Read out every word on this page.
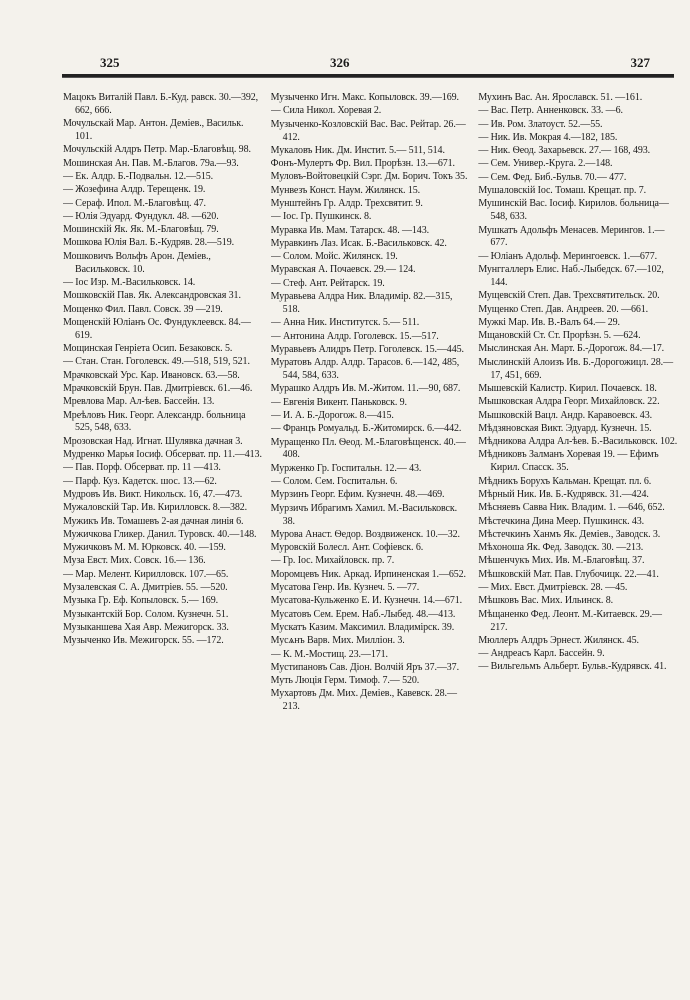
325	326	327
Мацокъ Виталій Павл. Б.-Куд. равск. 30.—392, 662, 666.
Мочульскай Мар. Антон. Деміев., Васильк. 101.
Мочульскій Алдръ Петр. Мар.-Благовѣщ. 98.
Мошинская Ан. Пав. М.-Благов. 79а.—93.
— Ек. Алдр. Б.-Подвальн. 12.—515.
— Жозефина Алдр. Терещенк. 19.
— Сераф. Ипол. М.-Благовѣщ. 47.
— Юлія Эдуард. Фундукл. 48. —620.
Мошинскій Як. Як. М.-Благовѣщ. 79.
Мошкова Юлія Вал. Б.-Кудряв. 28.—519.
Мошковичъ Вольфъ Арон. Деміев., Васильковск. 10.
— Іос Изр. М.-Васильковск. 14.
Мошковскій Пав. Як. Александровская 31.
Мощенко Фил. Павл. Совск. 39 —219.
Мощенскій Юліанъ Ос. Фундуклеевск. 84.—619.
Мощинская Генріета Осип. Безаковск. 5.
— Стан. Стан. Гоголевск. 49.—518, 519, 521.
Мрачковскай Урс. Кар. Ивановск. 63.—58.
Мрачковскій Брун. Пав. Дмитріевск. 61.—46.
Мревлова Мар. Ал-ѣев. Бассейн. 13.
Мреѣловъ Ник. Георг. Александр. больница 525, 548, 633.
Мрозовская Над. Игнат. Шулявка дачная 3.
Мудренко Марья Іосиф. Обсерват. пр. 11.—413.
— Пав. Порф. Обсерват. пр. 11 —413.
— Парф. Куз. Кадетск. шос. 13.—62.
Мудровъ Ив. Викт. Никольск. 16, 47.—473.
Мужаловскій Тар. Ив. Кирилловск. 8.—382.
Мужикъ Ив. Томашевъ 2-ая дачная линія 6.
Мужичкова Гликер. Данил. Туровск. 40.—148.
Мужичковъ М. М. Юрковск. 40. —159.
Муза Евст. Мих. Совск. 16.— 136.
— Мар. Мелент. Кирилловск. 107.—65.
Музалевская С. А. Дмитріев. 55. —520.
Музыка Гр. Еф. Копыловск. 5.— 169.
Музыкантскій Бор. Солом. Кузнечн. 51.
Музыканшева Хая Авр. Межигорск. 33.
Музыченко Ив. Межигорск. 55. —172.
Музыченко Игн. Макс. Копыловск. 39.—169.
— Сила Никол. Хоревая 2.
Музыченко-Козловскій Вас. Вас. Рейтар. 26.—412.
Мукаловъ Ник. Дм. Инстит. 5.— 511, 514.
Фонъ-Мулертъ Фр. Вил. Прорѣзн. 13.—671.
Муловъ-Войтовецкій Сэрг. Дм. Борич. Токъ 35.
Мунвезъ Конст. Наум. Жилянск. 15.
Мунштейнъ Гр. Алдр. Трехсвятит. 9.
— Іос. Гр. Пушкинск. 8.
Муравка Ив. Мам. Татарск. 48. —143.
Муравкинъ Лаз. Исак. Б.-Васильковск. 42.
— Солом. Мойс. Жилянск. 19.
Муравская А. Почаевск. 29.— 124.
— Стеф. Ант. Рейтарск. 19.
Муравьева Алдра Ник. Владимір. 82.—315, 518.
— Анна Ник. Институтск. 5.— 511.
— Антонина Алдр. Гоголевск. 15.—517.
Муравьевъ Алидръ Петр. Гоголевск. 15.—445.
Муратовъ Алдр. Алдр. Тарасов. 6.—142, 485, 544, 584, 633.
Мурашко Алдръ Ив. М.-Житом. 11.—90, 687.
— Евгенія Викент. Паньковск. 9.
— И. А. Б.-Дорогож. 8.—415.
— Францъ Ромуальд. Б.-Житомирск. 6.—442.
Муращенко Пл. Ѳеод. М.-Благовѣщенск. 40.—408.
Мурженко Гр. Госпитальн. 12.— 43.
— Солом. Сем. Госпитальн. 6.
Мурзинъ Георг. Ефим. Кузнечн. 48.—469.
Мурзичъ Ибрагимъ Хамил. М.-Васильковск. 38.
Мурова Анаст. Ѳедор. Воздвиженск. 10.—32.
Муровскій Болесл. Ант. Софіевск. 6.
— Гр. Іос. Михайловск. пр. 7.
Моромцевъ Ник. Аркад. Ирпиненская 1.—652.
Мусатова Генр. Ив. Кузнеч. 5. —77.
Мусатова-Кульженко Е. И. Кузнечн. 14.—671.
Мусатовъ Сем. Ерем. Наб.-Лыбед. 48.—413.
Мускатъ Казим. Максимил. Владимірск. 39.
Мусѧнъ Варв. Мих. Милліон. 3.
— К. М.-Мостищ. 23.—171.
Мустипановъ Сав. Діон. Волчій Яръ 37.—37.
Муть Люція Герм. Тимоф. 7.— 520.
Мухартовъ Дм. Мих. Деміев., Кавевск. 28.—213.
Мухинъ Вас. Ан. Ярославск. 51. —161.
— Вас. Петр. Анненковск. 33. —6.
— Ив. Ром. Златоуст. 52.—55.
— Ник. Ив. Мокрая 4.—182, 185.
— Ник. Ѳеод. Захарьевск. 27.— 168, 493.
— Сем. Универ.-Круга. 2.—148.
— Сем. Фед. Биб.-Бульв. 70.— 477.
Мушаловскій Іос. Томаш. Крещат. пр. 7.
Мушинскій Вас. Іосиф. Кирилов. больница—548, 633.
Мушкатъ Адольфъ Менасев. Мерингов. 1.—677.
— Юліанъ Адольф. Мерингоевск. 1.—677.
Мунггаллеръ Елис. Наб.-Лыбедск. 67.—102, 144.
Мущевскій Степ. Дав. Трехсвятительск. 20.
Мущенко Степ. Дав. Андреев. 20. —661.
Мужкi Мар. Ив. В.-Валъ 64.— 29.
Мщановскій Ст. Ст. Прорѣзн. 5. —624.
Мыслинская Ан. Март. Б.-Дорогож. 84.—17.
Мыслинскій Алоизъ Ив. Б.-Дорогожицл. 28.—17, 451, 669.
Мышевскій Калистр. Кирил. Почаевск. 18.
Мышковская Алдра Георг. Михайловск. 22.
Мышковскій Вацл. Андр. Каравоевск. 43.
Мѣдзяновская Викт. Эдуард. Кузнечн. 15.
Мѣдникова Алдра Ал-ѣев. Б.-Васильковск. 102.
Мѣдниковъ Залманъ Хоревая 19. — Ефимъ Кирил. Спасск. 35.
Мѣдникъ Борухъ Кальман. Крещат. пл. 6.
Мѣрный Ник. Ив. Б.-Кудрявск. 31.—424.
Мѣсняевъ Савва Ник. Владим. 1. —646, 652.
Мѣстечкина Дина Меер. Пушкинск. 43.
Мѣстечкинъ Ханмъ Як. Деміев., Заводск. 3.
Мѣхоноша Як. Фед. Заводск. 30. —213.
Мѣшенчукъ Мих. Ив. М.-Благовѣщ. 37.
Мѣшковскій Мат. Пав. Глубочицк. 22.—41.
— Мих. Евст. Дмитріевск. 28. —45.
Мѣшковъ Вас. Мих. Ильинск. 8.
Мѣщаненко Фед. Леонт. М.-Китаевск. 29.—217.
Мюллеръ Алдръ Эрнест. Жилянск. 45.
— Андреасъ Карл. Бассейн. 9.
— Вильгельмъ Альберт. Бульв.-Кудрявск. 41.
